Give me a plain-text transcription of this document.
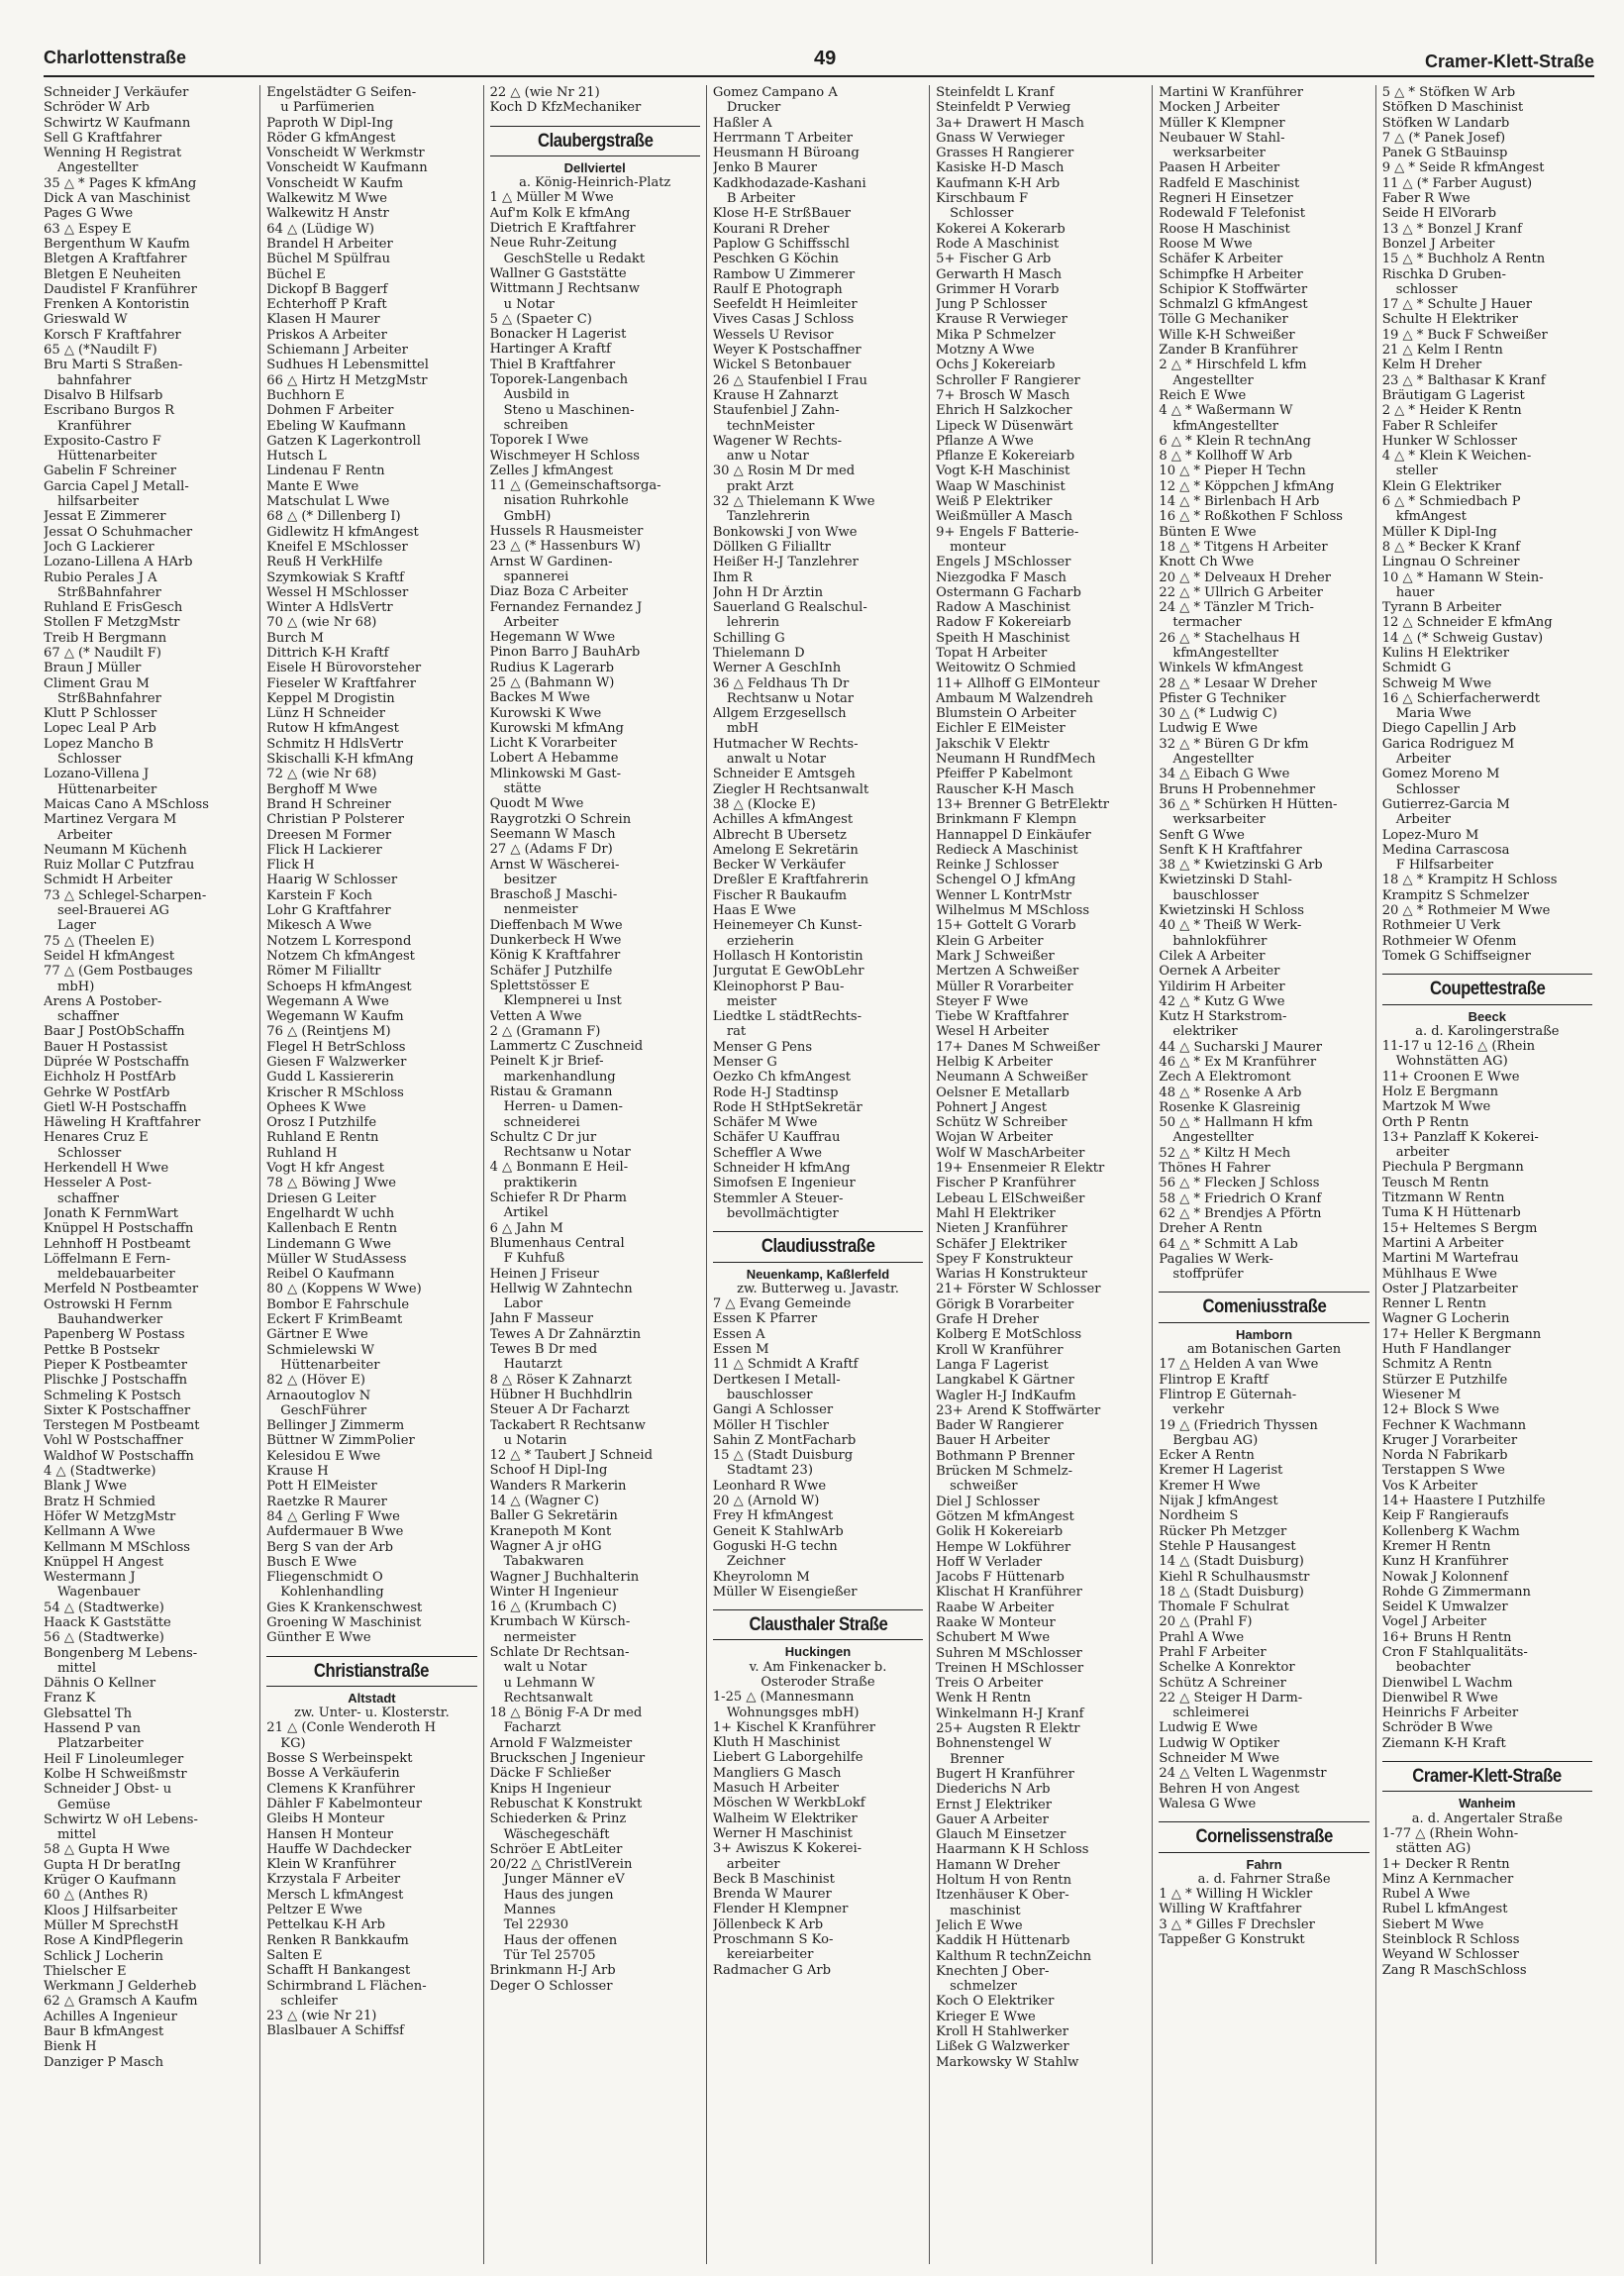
Charlottenstraße	49	Cramer-Klett-Straße
Schneider J Verkäufer
Schröder W Arb
Schwirtz W Kaufmann
Sell G Kraftfahrer
Wenning H Registrat
Angestellter
35 △ * Pages K kfmAng
Dick A van Maschinist
Pages G Wwe
63 △ Espey E
Bergenthum W Kaufm
Bletgen A Kraftfahrer
Bletgen E Neuheiten
Daudistel F Kranführer
Frenken A Kontoristin
Grieswald W
Korsch F Kraftfahrer
65 △ (*Naudilt F)
Bru Marti S Straßen-
bahnfahrer
Disalvo B Hilfsarb
Escribano Burgos R
Kranführer
Exposito-Castro F
Hüttenarbeiter
Gabelin F Schreiner
Garcia Capel J Metall-
hilfsarbeiter
Jessat E Zimmerer
Jessat O Schuhmacher
Joch G Lackierer
Lozano-Lillena A HArb
Rubio Perales J A
StrßBahnfahrer
Ruhland E FrisGesch
Stollen F MetzgMstr
Treib H Bergmann
67 △ (* Naudilt F)
Braun J Müller
Climent Grau M
StrßBahnfahrer
Klutt P Schlosser
Lopec Leal P Arb
Lopez Mancho B
Schlosser
Lozano-Villena J
Hüttenarbeiter
Maicas Cano A MSchloss
Martinez Vergara M
Arbeiter
Neumann M Küchenh
Ruiz Mollar C Putzfrau
Schmidt H Arbeiter
73 △ Schlegel-Scharpen-
seel-Brauerei AG
Lager
75 △ (Theelen E)
Seidel H kfmAngest
77 △ (Gem Postbauges
mbH)
Arens A Postober-
schaffner
Baar J PostObSchaffn
Bauer H Postassist
Düpréе W Postschaffn
Eichholz H PostfArb
Gehrke W PostfArb
Gietl W-H Postschaffn
Häweling H Kraftfahrer
Henares Cruz E
Schlosser
Herkendell H Wwe
Hesseler A Post-
schaffner
Jonath K FernmWart
Knüppel H Postschaffn
Lehnhoff H Postbeamt
Löffelmann E Fern-
meldebauarbeiter
Merfeld N Postbeamter
Ostrowski H Fernm
Bauhandwerker
Papenberg W Postass
Pettke B Postsekr
Pieper K Postbeamter
Plischke J Postschaffn
Schmeling K Postsch
Sixter K Postschaffner
Terstegen M Postbeamt
Vohl W Postschaffner
Waldhof W Postschaffn
4 △ (Stadtwerke)
Blank J Wwe
Bratz H Schmied
Höfer W MetzgMstr
Kellmann A Wwe
Kellmann M MSchloss
Knüppel H Angest
Westermann J
Wagenbauer
54 △ (Stadtwerke)
Haack K Gaststätte
56 △ (Stadtwerke)
Bongenberg M Lebens-
mittel
Dähnis O Kellner
Franz K
Glebsattel Th
Hassend P van
Platzarbeiter
Heil F Linoleumleger
Kolbe H Schweißmstr
Schneider J Obst- u
Gemüse
Schwirtz W oH Lebens-
mittel
58 △ Gupta H Wwe
Gupta H Dr beratIng
Krüger O Kaufmann
60 △ (Anthes R)
Kloos J Hilfsarbeiter
Müller M SprechstH
Rose A KindPflegerin
Schlick J Locherin
Thielscher E
Werkmann J Gelderheb
62 △ Gramsch A Kaufm
Achilles A Ingenieur
Baur B kfmAngest
Bienk H
Danziger P Masch
Engelstädter G Seifen-
u Parfümerien
Paproth W Dipl-Ing
Röder G kfmAngest
Vonscheidt W Werkmstr
Vonscheidt W Kaufmann
Vonscheidt W Kaufm
Walkewitz M Wwe
Walkewitz H Anstr
64 △ (Lüdige W)
Brandel H Arbeiter
Büchel M Spülfrau
Büchel E
Dickopf B Baggerf
Echterhoff P Kraft
Klasen H Maurer
Priskos A Arbeiter
Schiemann J Arbeiter
Sudhues H Lebensmittel
66 △ Hirtz H MetzgMstr
Buchhorn E
Dohmen F Arbeiter
Ebeling W Kaufmann
Gatzen K Lagerkontroll
Hutsch L
Lindenau F Rentn
Mante E Wwe
Matschulat L Wwe
68 △ (* Dillenberg I)
Gidlewitz H kfmAngest
Kneifel E MSchlosser
Reuß H VerkHilfe
Szymkowiak S Kraftf
Wessel H MSchlosser
Winter A HdlsVertr
70 △ (wie Nr 68)
Burch M
Dittrich K-H Kraftf
Eisele H Bürovorsteher
Fieseler W Kraftfahrer
Keppel M Drogistin
Lünz H Schneider
Rutow H kfmAngest
Schmitz H HdlsVertr
Skischalli K-H kfmAng
72 △ (wie Nr 68)
Berghoff M Wwe
Brand H Schreiner
Christian P Polsterer
Dreesen M Former
Flick H Lackierer
Flick H
Haarig W Schlosser
Karstein F Koch
Lohr G Kraftfahrer
Mikesch A Wwe
Notzem L Korrespond
Notzem Ch kfmAngest
Römer M Filialltr
Schoeps H kfmAngest
Wegemann A Wwe
Wegemann W Kaufm
76 △ (Reintjens M)
Flegel H BetrSchloss
Giesen F Walzwerker
Gudd L Kassiererin
Krischer R MSchloss
Ophees K Wwe
Orosz I Putzhilfe
Ruhland E Rentn
Ruhland H
Vogt H kfr Angest
78 △ Böwing J Wwe
Driesen G Leiter
Engelhardt W uchh
Kallenbach E Rentn
Lindemann G Wwe
Müller W StudAssess
Reibel O Kaufmann
80 △ (Koppens W Wwe)
Bombor E Fahrschule
Eckert F KrimBeamt
Gärtner E Wwe
Schmielewski W
Hüttenarbeiter
82 △ (Höver E)
Arnaoutoglov N
GeschFührer
Bellinger J Zimmerm
Büttner W ZimmPolier
Kelesidou E Wwe
Krause H
Pott H ElMeister
Raetzke R Maurer
84 △ Gerling F Wwe
Aufdermauer B Wwe
Berg S van der Arb
Busch E Wwe
Fliegenschmidt O
Kohlenhandling
Gies K Krankenschwest
Groening W Maschinist
Günther E Wwe
Christianstraße
Altstadt
zw. Unter- u. Klosterstr.
21 △ (Conle Wenderoth H
KG)
Bosse S Werbeinspekt
Bosse A Verkäuferin
Clemens K Kranführer
Dähler F Kabelmonteur
Gleibs H Monteur
Hansen H Monteur
Hauffe W Dachdecker
Klein W Kranführer
Krzystala F Arbeiter
Mersch L kfmAngest
Peltzer E Wwe
Pettelkau K-H Arb
Renken R Bankkaufm
Salten E
Schafft H Bankangest
Schirmbrand L Flächen-
schleifer
23 △ (wie Nr 21)
Blaslbauer A Schiffsf
22 △ (wie Nr 21)
Koch D KfzMechaniker
Claubergstraße
Dellviertel
a. König-Heinrich-Platz
1 △ Müller M Wwe
Auf'm Kolk E kfmAng
Dietrich E Kraftfahrer
Neue Ruhr-Zeitung
GeschStelle u Redakt
Wallner G Gaststätte
Wittmann J Rechtsanw
u Notar
5 △ (Spaeter C)
Bonacker H Lagerist
Hartinger A Kraftf
Thiel B Kraftfahrer
Toporek-Langenbach
Ausbild in
Steno u Maschinen-
schreiben
Toporek I Wwe
Wischmeyer H Schloss
Zelles J kfmAngest
11 △ (Gemeinschaftsorga-
nisation Ruhrkohle
GmbH)
Hussels R Hausmeister
23 △ (* Hassenburs W)
Arnst W Gardinen-
spannerei
Diaz Boza C Arbeiter
Fernandez Fernandez J
Arbeiter
Hegemann W Wwe
Pinon Barro J BauhArb
Rudius K Lagerarb
25 △ (Bahmann W)
Backes M Wwe
Kurowski K Wwe
Kurowski M kfmAng
Licht K Vorarbeiter
Lobert A Hebamme
Mlinkowski M Gast-
stätte
Quodt M Wwe
Raygrotzki O Schrein
Seemann W Masch
27 △ (Adams F Dr)
Arnst W Wäscherei-
besitzer
Braschoß J Maschi-
nenmeister
Dieffenbach M Wwe
Dunkerbeck H Wwe
König K Kraftfahrer
Schäfer J Putzhilfe
Splettstösser E
Klempnerei u Inst
Vetten A Wwe
2 △ (Gramann F)
Lammertz C Zuschneid
Peinelt K jr Brief-
markenhandlung
Ristau & Gramann
Herren- u Damen-
schneiderei
Schultz C Dr jur
Rechtsanw u Notar
4 △ Bonmann E Heil-
praktikerin
Schiefer R Dr Pharm
Artikel
6 △ Jahn M
Blumenhaus Central
F Kuhfuß
Heinen J Friseur
Hellwig W Zahntechn
Labor
Jahn F Masseur
Tewes A Dr Zahnärztin
Tewes B Dr med
Hautarzt
8 △ Röser K Zahnarzt
Hübner H Buchhdlrin
Steuer A Dr Facharzt
Tackabert R Rechtsanw
u Notarin
12 △ * Taubert J Schneid
Schoof H Dipl-Ing
Wanders R Markerin
14 △ (Wagner C)
Baller G Sekretärin
Kranepoth M Kont
Wagner A jr oHG
Tabakwaren
Wagner J Buchhalterin
Winter H Ingenieur
16 △ (Krumbach C)
Krumbach W Kürsch-
nermeister
Schlate Dr Rechtsan-
walt u Notar
u Lehmann W
Rechtsanwalt
18 △ Bönig F-A Dr med
Facharzt
Arnold F Walzmeister
Bruckschen J Ingenieur
Däcke F Schließer
Knips H Ingenieur
Rebuschat K Konstrukt
Schiederken & Prinz
Wäschegeschäft
Schröer E AbtLeiter
20/22 △ ChristlVerein
Junger Männer eV
Haus des jungen
Mannes
Tel 22930
Haus der offenen
Tür Tel 25705
Brinkmann H-J Arb
Deger O Schlosser
Gomez Campano A
Drucker
Haßler A
Herrmann T Arbeiter
Heusmann H Büroang
Jenko B Maurer
Kadkhodazade-Kashani
B Arbeiter
Klose H-E StrßBauer
Kourani R Dreher
Paplow G Schiffsschl
Peschken G Köchin
Rambow U Zimmerer
Raulf E Photograph
Seefeldt H Heimleiter
Vives Casas J Schloss
Wessels U Revisor
Weyer K Postschaffner
Wickel S Betonbauer
26 △ Staufenbiel I Frau
Krause H Zahnarzt
Staufenbiel J Zahn-
technMeister
Wagener W Rechts-
anw u Notar
30 △ Rosin M Dr med
prakt Arzt
32 △ Thielemann K Wwe
Tanzlehrerin
Bonkowski J von Wwe
Döllken G Filialltr
Heißer H-J Tanzlehrer
Ihm R
John H Dr Ärztin
Sauerland G Realschul-
lehrerin
Schilling G
Thielemann D
Werner A GeschInh
36 △ Feldhaus Th Dr
Rechtsanw u Notar
Allgem Erzgesellsch
mbH
Hutmacher W Rechts-
anwalt u Notar
Schneider E Amtsgeh
Ziegler H Rechtsanwalt
38 △ (Klocke E)
Achilles A kfmAngest
Albrecht B Übersetz
Amelong E Sekretärin
Becker W Verkäufer
Dreßler E Kraftfahrerin
Fischer R Baukaufm
Haas E Wwe
Heinemeyer Ch Kunst-
erzieherin
Hollasch H Kontoristin
Jurgutat E GewObLehr
Kleinophorst P Bau-
meister
Liedtke L städtRechts-
rat
Menser G Pens
Menser G
Oezko Ch kfmAngest
Rode H-J Stadtinsp
Rode H StHptSekretär
Schäfer M Wwe
Schäfer U Kauffrau
Scheffler A Wwe
Schneider H kfmAng
Simofsen E Ingenieur
Stemmler A Steuer-
bevollmächtigter
Claudiusstraße
Neuenkamp, Kaßlerfeld
zw. Butterweg u. Javastr.
7 △ Evang Gemeinde
Essen K Pfarrer
Essen A
Essen M
11 △ Schmidt A Kraftf
Dertkesen I Metall-
bauschlosser
Gangi A Schlosser
Möller H Tischler
Sahin Z MontFacharb
15 △ (Stadt Duisburg
Stadtamt 23)
Leonhard R Wwe
20 △ (Arnold W)
Frey H kfmAngest
Geneit K StahlwArb
Goguski H-G techn
Zeichner
Kheyrolomn M
Müller W Eisengießer
Clausthaler Straße
Huckingen
v. Am Finkenacker b.
Osteroder Straße
1-25 △ (Mannesmann
Wohnungsges mbH)
1+ Kischel K Kranführer
Kluth H Maschinist
Liebert G Laborgehilfe
Mangliers G Masch
Masuch H Arbeiter
Möschen W WerkbLokf
Walheim W Elektriker
Werner H Maschinist
3+ Awiszus K Kokerei-
arbeiter
Beck B Maschinist
Brenda W Maurer
Flender H Klempner
Jöllenbeck K Arb
Proschmann S Ko-
kereiarbeiter
Radmacher G Arb
Steinfeldt L Kranf
Steinfeldt P Verwieg
3a+ Drawert H Masch
Gnass W Verwieger
Grasses H Rangierer
Kasiske H-D Masch
Kaufmann K-H Arb
Kirschbaum F
Schlosser
Kokerei A Kokerarb
Rode A Maschinist
5+ Fischer G Arb
Gerwarth H Masch
Grimmer H Vorarb
Jung P Schlosser
Krause R Verwieger
Mika P Schmelzer
Motzny A Wwe
Ochs J Kokereiarb
Schroller F Rangierer
7+ Brosch W Masch
Ehrich H Salzkocher
Lipeck W Düsenwärt
Pflanze A Wwe
Pflanze E Kokereiarb
Vogt K-H Maschinist
Waap W Maschinist
Weiß P Elektriker
Weißmüller A Masch
9+ Engels F Batterie-
monteur
Engels J MSchlosser
Niezgodka F Masch
Ostermann G Facharb
Radow A Maschinist
Radow F Kokereiarb
Speith H Maschinist
Topat H Arbeiter
Weitowitz O Schmied
11+ Allhoff G ElMonteur
Ambaum M Walzendreh
Blumstein O Arbeiter
Eichler E ElMeister
Jakschik V Elektr
Neumann H RundfMech
Pfeiffer P Kabelmont
Rauscher K-H Masch
13+ Brenner G BetrElektr
Brinkmann F Klempn
Hannappel D Einkäufer
Redieck A Maschinist
Reinke J Schlosser
Schengel O J kfmAng
Wenner L KontrMstr
Wilhelmus M MSchloss
15+ Gottelt G Vorarb
Klein G Arbeiter
Mark J Schweißer
Mertzen A Schweißer
Müller R Vorarbeiter
Steyer F Wwe
Tiebe W Kraftfahrer
Wesel H Arbeiter
17+ Danes M Schweißer
Helbig K Arbeiter
Neumann A Schweißer
Oelsner E Metallarb
Pohnert J Angest
Schütz W Schreiber
Wojan W Arbeiter
Wolf W MaschArbeiter
19+ Ensenmeier R Elektr
Fischer P Kranführer
Lebeau L ElSchweißer
Mahl H Elektriker
Nieten J Kranführer
Schäfer J Elektriker
Spey F Konstrukteur
Warias H Konstrukteur
21+ Förster W Schlosser
Görigk B Vorarbeiter
Grafe H Dreher
Kolberg E MotSchloss
Kroll W Kranführer
Langa F Lagerist
Langkabel K Gärtner
Wagler H-J IndKaufm
23+ Arend K Stoffwärter
Bader W Rangierer
Bauer H Arbeiter
Bothmann P Brenner
Brücken M Schmelz-
schweißer
Diel J Schlosser
Götzen M kfmAngest
Golik H Kokereiarb
Hempe W Lokführer
Hoff W Verlader
Jacobs F Hüttenarb
Klischat H Kranführer
Raabe W Arbeiter
Raake W Monteur
Schubert M Wwe
Suhren M MSchlosser
Treinen H MSchlosser
Treis O Arbeiter
Wenk H Rentn
Winkelmann H-J Kranf
25+ Augsten R Elektr
Bohnenstengel W
Brenner
Bugert H Kranführer
Diederichs N Arb
Ernst J Elektriker
Gauer A Arbeiter
Glauch M Einsetzer
Haarmann K H Schloss
Hamann W Dreher
Holtum H von Rentn
Itzenhäuser K Ober-
maschinist
Jelich E Wwe
Kaddik H Hüttenarb
Kalthum R technZeichn
Knechten J Ober-
schmelzer
Koch O Elektriker
Krieger E Wwe
Kroll H Stahlwerker
Lißek G Walzwerker
Markowsky W Stahlw
Martini W Kranführer
Mocken J Arbeiter
Müller K Klempner
Neubauer W Stahl-
werksarbeiter
Paasen H Arbeiter
Radfeld E Maschinist
Regneri H Einsetzer
Rodewald F Telefonist
Roose H Maschinist
Roose M Wwe
Schäfer K Arbeiter
Schimpfke H Arbeiter
Schipior K Stoffwärter
Schmalzl G kfmAngest
Tölle G Mechaniker
Wille K-H Schweißer
Zander B Kranführer
2 △ * Hirschfeld L kfm
Angestellter
Reich E Wwe
4 △ * Waßermann W
kfmAngestellter
6 △ * Klein R technAng
8 △ * Kollhoff W Arb
10 △ * Pieper H Techn
12 △ * Köppchen J kfmAng
14 △ * Birlenbach H Arb
16 △ * Roßkothen F Schloss
Bünten E Wwe
18 △ * Titgens H Arbeiter
Knott Ch Wwe
20 △ * Delveaux H Dreher
22 △ * Ullrich G Arbeiter
24 △ * Tänzler M Trich-
termacher
26 △ * Stachelhaus H
kfmAngestellter
Winkels W kfmAngest
28 △ * Lesaar W Dreher
Pfister G Techniker
30 △ (* Ludwig C)
Ludwig E Wwe
32 △ * Büren G Dr kfm
Angestellter
34 △ Eibach G Wwe
Bruns H Probennehmer
36 △ * Schürken H Hütten-
werksarbeiter
Senft G Wwe
Senft K H Kraftfahrer
38 △ * Kwietzinski G Arb
Kwietzinski D Stahl-
bauschlosser
Kwietzinski H Schloss
40 △ * Theiß W Werk-
bahnlokführer
Cilek A Arbeiter
Oernek A Arbeiter
Yildirim H Arbeiter
42 △ * Kutz G Wwe
Kutz H Starkstrom-
elektriker
44 △ Sucharski J Maurer
46 △ * Ex M Kranführer
Zech A Elektromont
48 △ * Rosenke A Arb
Rosenke K Glasreinig
50 △ * Hallmann H kfm
Angestellter
52 △ * Kiltz H Mech
Thönes H Fahrer
56 △ * Flecken J Schloss
58 △ * Friedrich O Kranf
62 △ * Brendjes A Pförtn
Dreher A Rentn
64 △ * Schmitt A Lab
Pagalies W Werk-
stoffprüfer
Comeniusstraße
Hamborn
am Botanischen Garten
17 △ Helden A van Wwe
Flintrop E Kraftf
Flintrop E Güternah-
verkehr
19 △ (Friedrich Thyssen
Bergbau AG)
Ecker A Rentn
Kremer H Lagerist
Kremer H Wwe
Nijak J kfmAngest
Nordheim S
Rücker Ph Metzger
Stehle P Hausangest
14 △ (Stadt Duisburg)
Kiehl R Schulhausmstr
18 △ (Stadt Duisburg)
Thomale F Schulrat
20 △ (Prahl F)
Prahl A Wwe
Prahl F Arbeiter
Schelke A Konrektor
Schütz A Schreiner
22 △ Steiger H Darm-
schleimerei
Ludwig E Wwe
Ludwig W Optiker
Schneider M Wwe
24 △ Velten L Wagenmstr
Behren H von Angest
Walesa G Wwe
Cornelissenstraße
Fahrn
a. d. Fahrner Straße
1 △ * Willing H Wickler
Willing W Kraftfahrer
3 △ * Gilles F Drechsler
Tappeßer G Konstrukt
5 △ * Stöfken W Arb
Stöfken D Maschinist
Stöfken W Landarb
7 △ (* Panek Josef)
Panek G StBauinsp
9 △ * Seide R kfmAngest
11 △ (* Farber August)
Faber R Wwe
Seide H ElVorarb
13 △ * Bonzel J Kranf
Bonzel J Arbeiter
15 △ * Buchholz A Rentn
Rischka D Gruben-
schlosser
17 △ * Schulte J Hauer
Schulte H Elektriker
19 △ * Buck F Schweißer
21 △ Kelm I Rentn
Kelm H Dreher
23 △ * Balthasar K Kranf
Bräutigam G Lagerist
2 △ * Heider K Rentn
Faber R Schleifer
Hunker W Schlosser
4 △ * Klein K Weichen-
steller
Klein G Elektriker
6 △ * Schmiedbach P
kfmAngest
Müller K Dipl-Ing
8 △ * Becker K Kranf
Lingnau O Schreiner
10 △ * Hamann W Stein-
hauer
Tyrann B Arbeiter
12 △ Schneider E kfmAng
14 △ (* Schweig Gustav)
Kulins H Elektriker
Schmidt G
Schweig M Wwe
16 △ Schierfacherwerdt
Maria Wwe
Diego Capellin J Arb
Garica Rodriguez M
Arbeiter
Gomez Moreno M
Schlosser
Gutierrez-Garcia M
Arbeiter
Lopez-Muro M
Medina Carrascosa
F Hilfsarbeiter
18 △ * Krampitz H Schloss
Krampitz S Schmelzer
20 △ * Rothmeier M Wwe
Rothmeier U Verk
Rothmeier W Ofenm
Tomek G Schiffseigner
Coupettestraße
Beeck
a. d. Karolingerstraße
11-17 u 12-16 △ (Rhein
Wohnstätten AG)
11+ Croonen E Wwe
Holz E Bergmann
Martzok M Wwe
Orth P Rentn
13+ Panzlaff K Kokerei-
arbeiter
Piechula P Bergmann
Teusch M Rentn
Titzmann W Rentn
Tuma K H Hüttenarb
15+ Heltemes S Bergm
Martini A Arbeiter
Martini M Wartefrau
Mühlhaus E Wwe
Oster J Platzarbeiter
Renner L Rentn
Wagner G Locherin
17+ Heller K Bergmann
Huth F Handlanger
Schmitz A Rentn
Stürzer E Putzhilfe
Wiesener M
12+ Block S Wwe
Fechner K Wachmann
Kruger J Vorarbeiter
Norda N Fabrikarb
Terstappen S Wwe
Vos K Arbeiter
14+ Haastere I Putzhilfe
Keip F Rangieraufs
Kollenberg K Wachm
Kremer H Rentn
Kunz H Kranführer
Nowak J Kolonnenf
Rohde G Zimmermann
Seidel K Umwalzer
Vogel J Arbeiter
16+ Bruns H Rentn
Cron F Stahlqualitäts-
beobachter
Dienwibel L Wachm
Dienwibel R Wwe
Heinrichs F Arbeiter
Schröder B Wwe
Ziemann K-H Kraft
Cramer-Klett-Straße
Wanheim
a. d. Angertaler Straße
1-77 △ (Rhein Wohn-
stätten AG)
1+ Decker R Rentn
Minz A Kernmacher
Rubel A Wwe
Rubel L kfmAngest
Siebert M Wwe
Steinblock R Schloss
Weyand W Schlosser
Zang R MaschSchloss
